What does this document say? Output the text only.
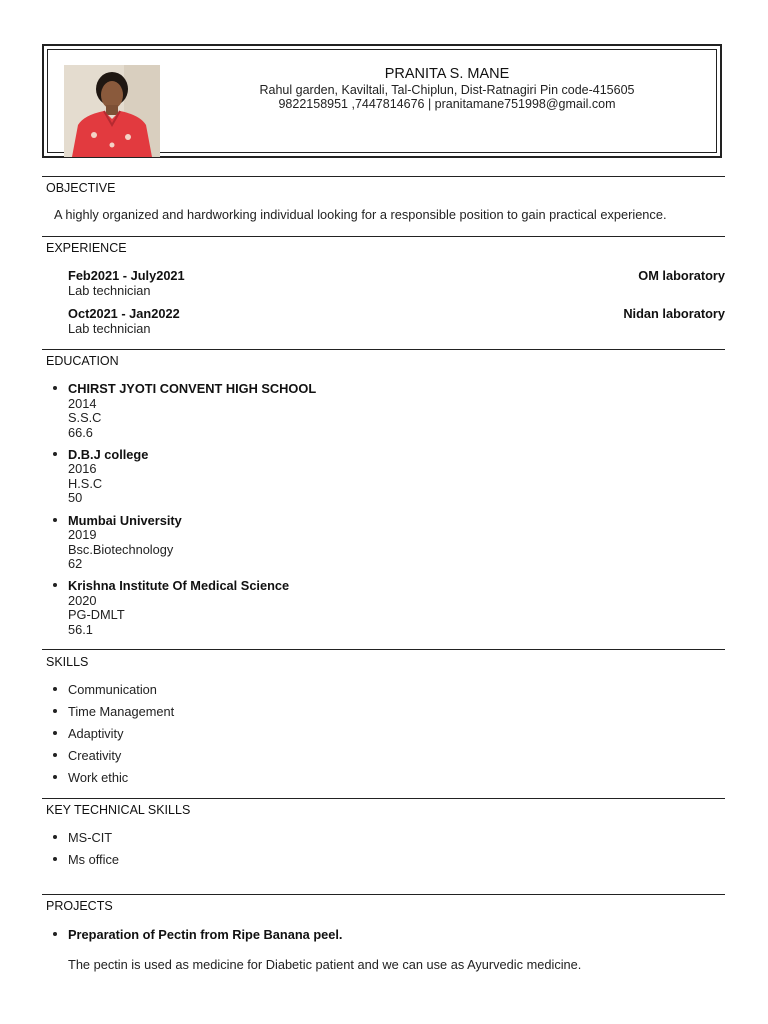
PRANITA S. MANE
Rahul garden, Kaviltali, Tal-Chiplun, Dist-Ratnagiri Pin code-415605
9822158951 ,7447814676 | pranitamane751998@gmail.com
OBJECTIVE
A highly organized and hardworking individual looking for a responsible position to gain practical experience.
EXPERIENCE
Feb2021 - July2021	OM laboratory
Lab technician
Oct2021 - Jan2022	Nidan laboratory
Lab technician
EDUCATION
CHIRST JYOTI CONVENT HIGH SCHOOL
2014
S.S.C
66.6
D.B.J college
2016
H.S.C
50
Mumbai University
2019
Bsc.Biotechnology
62
Krishna Institute Of Medical Science
2020
PG-DMLT
56.1
SKILLS
Communication
Time Management
Adaptivity
Creativity
Work ethic
KEY TECHNICAL SKILLS
MS-CIT
Ms office
PROJECTS
Preparation of Pectin from Ripe Banana peel.
The pectin is used as medicine for Diabetic patient and we can use as Ayurvedic medicine.
